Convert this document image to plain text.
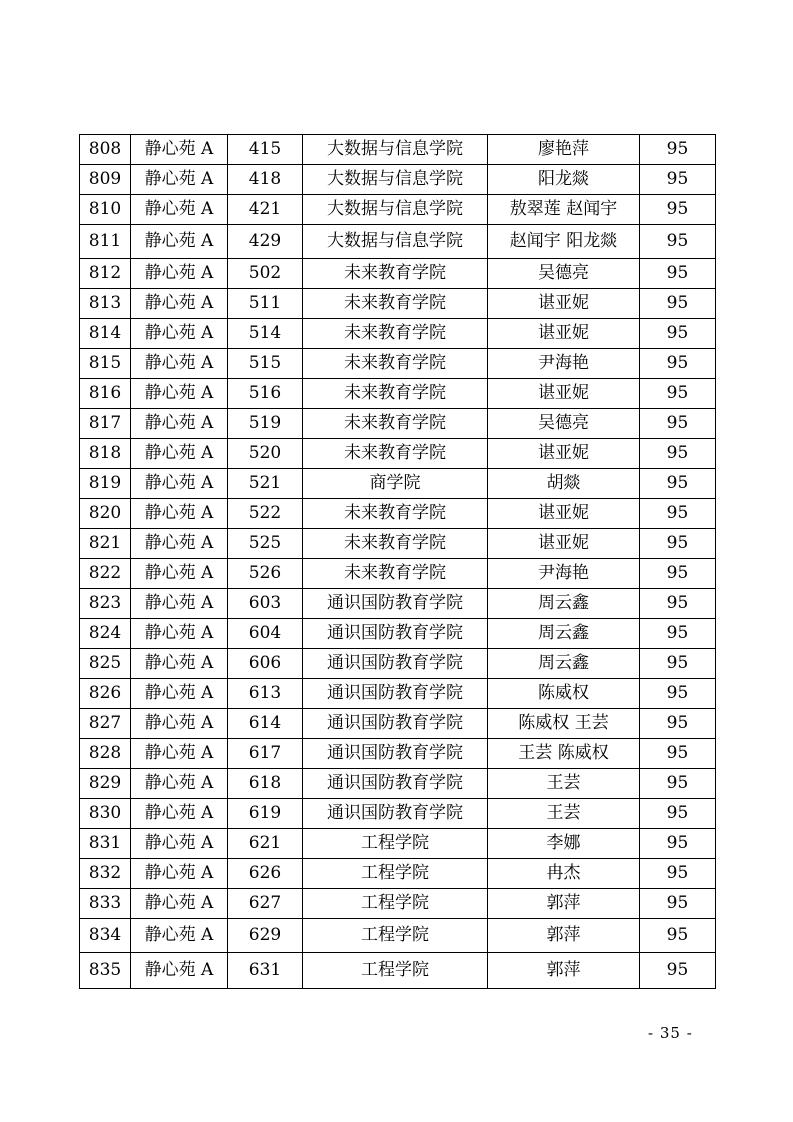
808	静心苑 A	415	大数据与信息学院	廖艳萍	95
809	静心苑 A	418	大数据与信息学院	阳龙燚	95
810	静心苑 A	421	大数据与信息学院	敖翠莲 赵闻宇	95
811	静心苑 A	429	大数据与信息学院	赵闻宇 阳龙燚	95
812	静心苑 A	502	未来教育学院	吴德亮	95
813	静心苑 A	511	未来教育学院	谌亚妮	95
814	静心苑 A	514	未来教育学院	谌亚妮	95
815	静心苑 A	515	未来教育学院	尹海艳	95
816	静心苑 A	516	未来教育学院	谌亚妮	95
817	静心苑 A	519	未来教育学院	吴德亮	95
818	静心苑 A	520	未来教育学院	谌亚妮	95
819	静心苑 A	521	商学院	胡燚	95
820	静心苑 A	522	未来教育学院	谌亚妮	95
821	静心苑 A	525	未来教育学院	谌亚妮	95
822	静心苑 A	526	未来教育学院	尹海艳	95
823	静心苑 A	603	通识国防教育学院	周云鑫	95
824	静心苑 A	604	通识国防教育学院	周云鑫	95
825	静心苑 A	606	通识国防教育学院	周云鑫	95
826	静心苑 A	613	通识国防教育学院	陈威权	95
827	静心苑 A	614	通识国防教育学院	陈威权 王芸	95
828	静心苑 A	617	通识国防教育学院	王芸 陈威权	95
829	静心苑 A	618	通识国防教育学院	王芸	95
830	静心苑 A	619	通识国防教育学院	王芸	95
831	静心苑 A	621	工程学院	李娜	95
832	静心苑 A	626	工程学院	冉杰	95
833	静心苑 A	627	工程学院	郭萍	95
834	静心苑 A	629	工程学院	郭萍	95
835	静心苑 A	631	工程学院	郭萍	95
- 35 -
